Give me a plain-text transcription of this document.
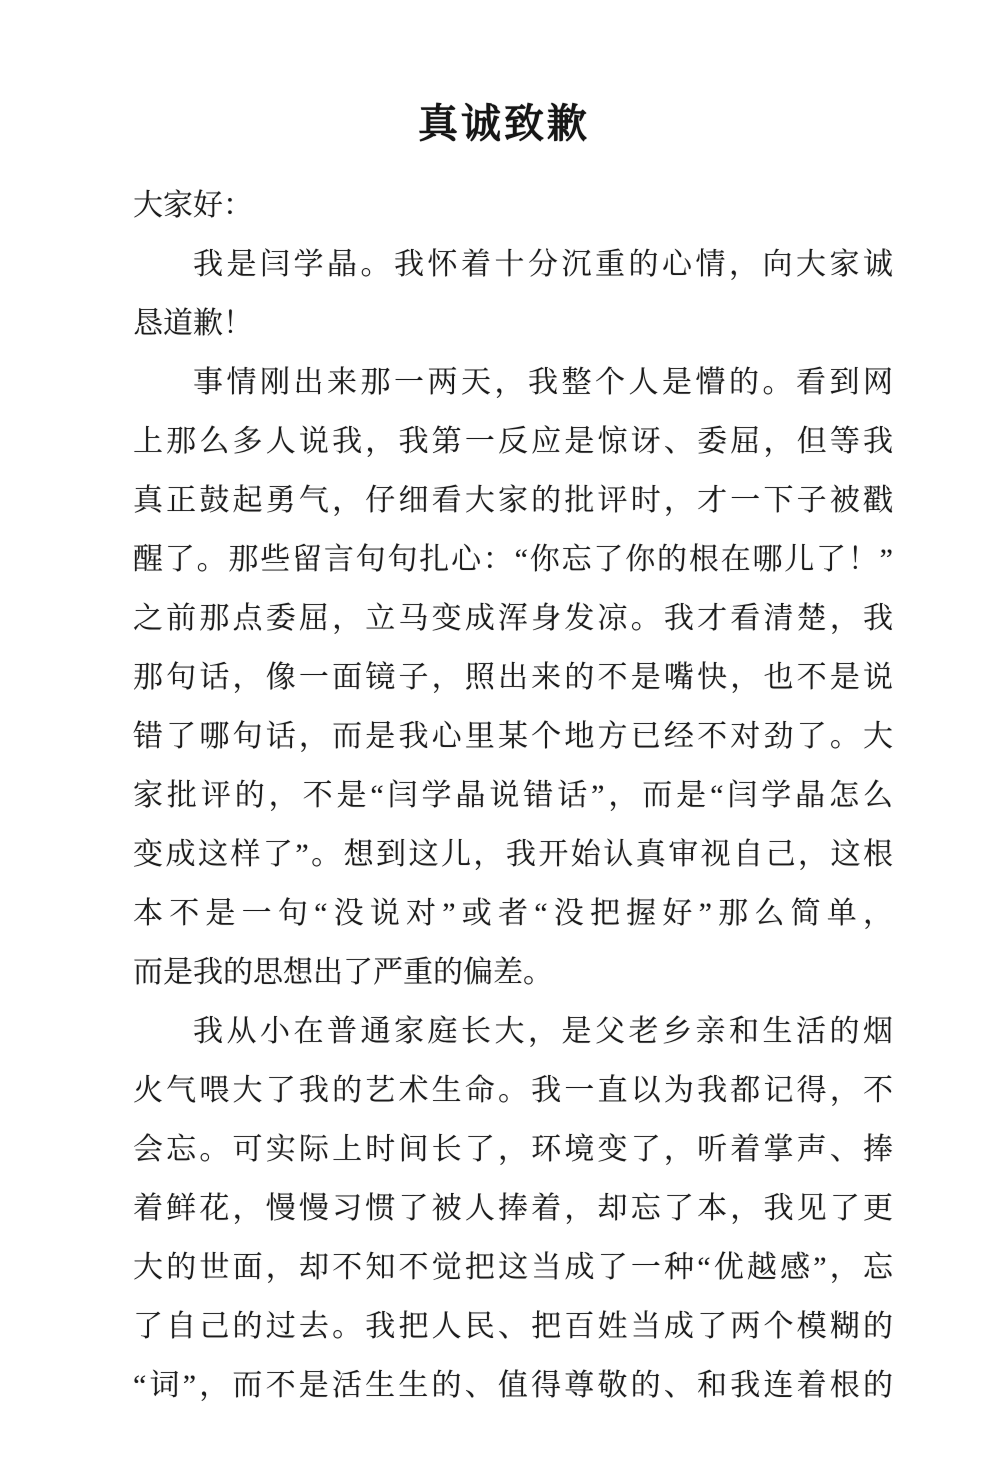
真诚致歉
大家好：
我是闫学晶。我怀着十分沉重的心情，向大家诚
恳道歉！
事情刚出来那一两天，我整个人是懵的。看到网
上那么多人说我，我第一反应是惊讶、委屈，但等我
真正鼓起勇气，仔细看大家的批评时，才一下子被戳
醒了。那些留言句句扎心：“你忘了你的根在哪儿了！”
之前那点委屈，立马变成浑身发凉。我才看清楚，我
那句话，像一面镜子，照出来的不是嘴快，也不是说
错了哪句话，而是我心里某个地方已经不对劲了。大
家批评的，不是“闫学晶说错话”，而是“闫学晶怎么
变成这样了”。想到这儿，我开始认真审视自己，这根
本不是一句“没说对”或者“没把握好”那么简单，
而是我的思想出了严重的偏差。
我从小在普通家庭长大，是父老乡亲和生活的烟
火气喂大了我的艺术生命。我一直以为我都记得，不
会忘。可实际上时间长了，环境变了，听着掌声、捧
着鲜花，慢慢习惯了被人捧着，却忘了本，我见了更
大的世面，却不知不觉把这当成了一种“优越感”，忘
了自己的过去。我把人民、把百姓当成了两个模糊的
“词”，而不是活生生的、值得尊敬的、和我连着根的
